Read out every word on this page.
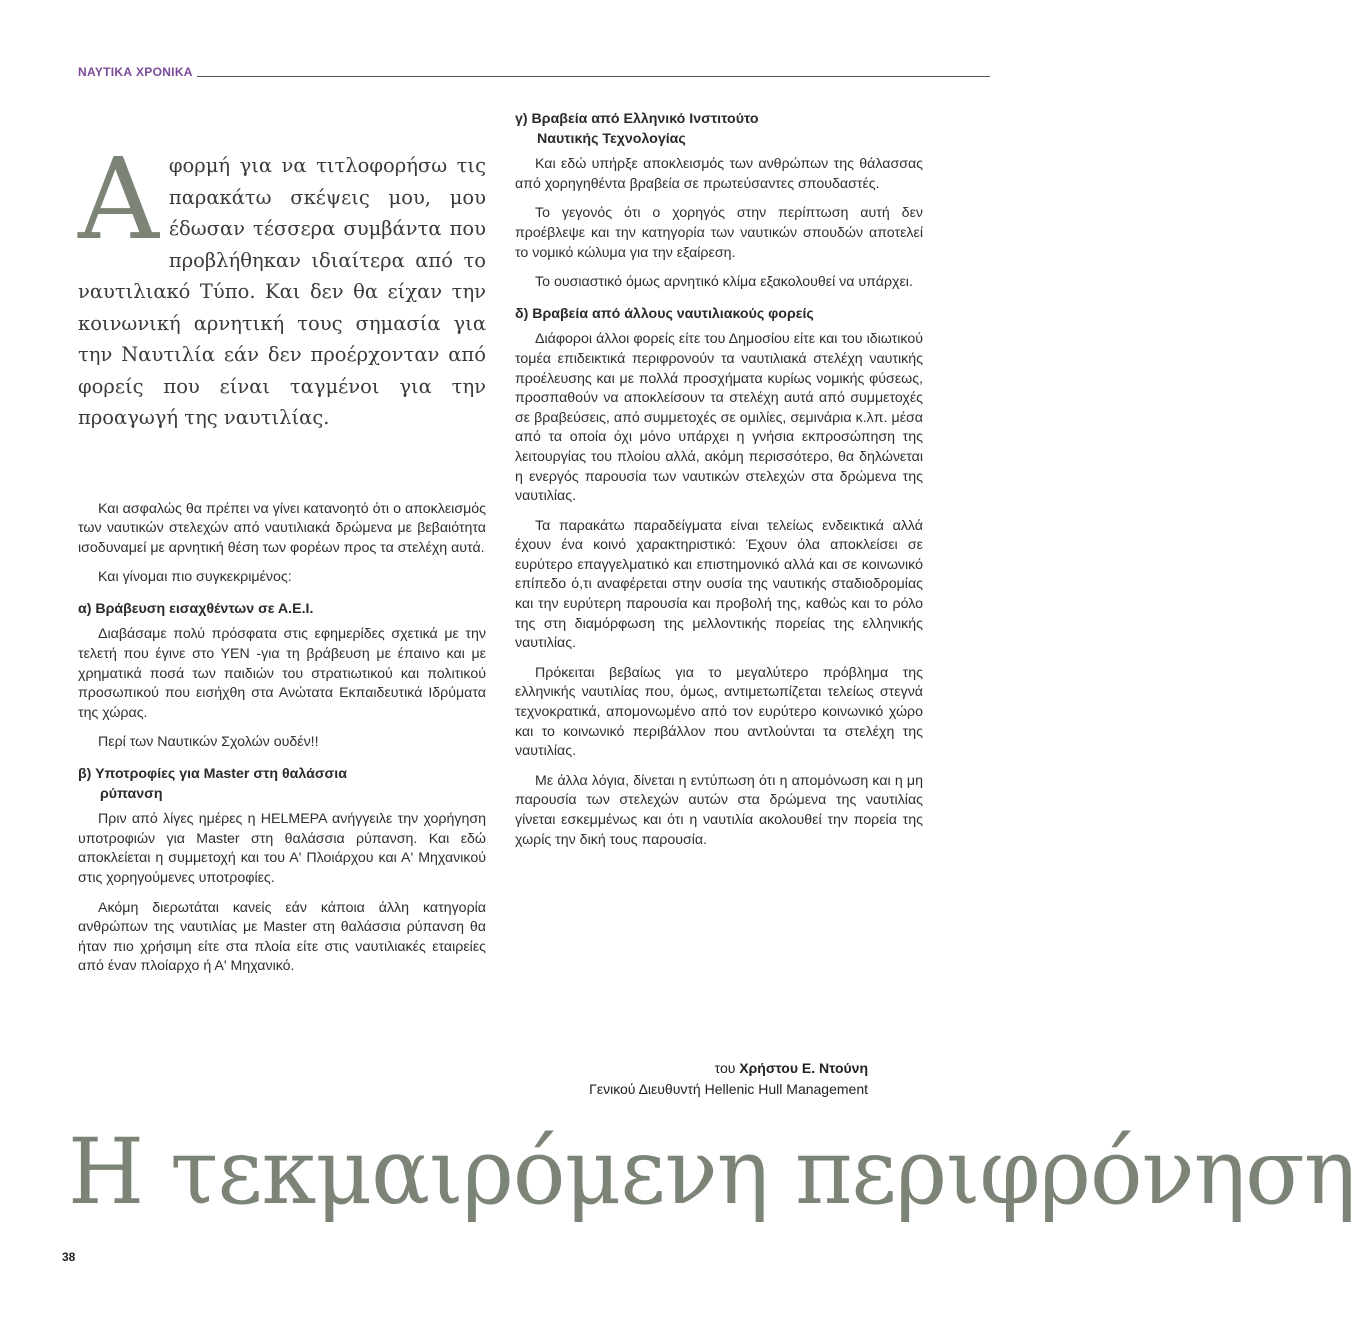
ΝΑΥΤΙΚΑ ΧΡΟΝΙΚΑ
Α φορμή για να τιτλοφορήσω τις παρακάτω σκέψεις μου, μου έδωσαν τέσσερα συμβάντα που προβλήθηκαν ιδιαίτερα από το ναυτιλιακό Τύπο. Και δεν θα είχαν την κοινωνική αρνητική τους σημασία για την Ναυτιλία εάν δεν προέρχονταν από φορείς που είναι ταγμένοι για την προαγωγή της ναυτιλίας.

Και ασφαλώς θα πρέπει να γίνει κατανοητό ότι ο αποκλεισμός των ναυτικών στελεχών από ναυτιλιακά δρώμενα με βεβαιότητα ισοδυναμεί με αρνητική θέση των φορέων προς τα στελέχη αυτά.

Και γίνομαι πιο συγκεκριμένος:

α) Βράβευση εισαχθέντων σε Α.Ε.Ι.

Διαβάσαμε πολύ πρόσφατα στις εφημερίδες σχετικά με την τελετή που έγινε στο ΥΕΝ -για τη βράβευση με έπαινο και με χρηματικά ποσά των παιδιών του στρατιωτικού και πολιτικού προσωπικού που εισήχθη στα Ανώτατα Εκπαιδευτικά Ιδρύματα της χώρας.

Περί των Ναυτικών Σχολών ουδέν!!

β) Υποτροφίες για Master στη θαλάσσια
ρύπανση

Πριν από λίγες ημέρες η HELMEPA ανήγγειλε την χορήγηση υποτροφιών για Master στη θαλάσσια ρύπανση. Και εδώ αποκλείεται η συμμετοχή και του Α' Πλοιάρχου και Α' Μηχανικού στις χορηγούμενες υποτροφίες.

Ακόμη διερωτάται κανείς εάν κάποια άλλη κατηγορία ανθρώπων της ναυτιλίας με Master στη θαλάσσια ρύπανση θα ήταν πιο χρήσιμη είτε στα πλοία είτε στις ναυτιλιακές εταιρείες από έναν πλοίαρχο ή Α' Μηχανικό.

γ) Βραβεία από Ελληνικό Ινστιτούτο
Ναυτικής Τεχνολογίας

Και εδώ υπήρξε αποκλεισμός των ανθρώπων της θάλασσας από χορηγηθέντα βραβεία σε πρωτεύσαντες σπουδαστές.

Το γεγονός ότι ο χορηγός στην περίπτωση αυτή δεν προέβλεψε και την κατηγορία των ναυτικών σπουδών αποτελεί το νομικό κώλυμα για την εξαίρεση.

Το ουσιαστικό όμως αρνητικό κλίμα εξακολουθεί να υπάρχει.

δ) Βραβεία από άλλους ναυτιλιακούς φορείς

Διάφοροι άλλοι φορείς είτε του Δημοσίου είτε και του ιδιωτικού τομέα επιδεικτικά περιφρονούν τα ναυτιλιακά στελέχη ναυτικής προέλευσης και με πολλά προσχήματα κυρίως νομικής φύσεως, προσπαθούν να αποκλείσουν τα στελέχη αυτά από συμμετοχές σε βραβεύσεις, από συμμετοχές σε ομιλίες, σεμινάρια κ.λπ. μέσα από τα οποία όχι μόνο υπάρχει η γνήσια εκπροσώπηση της λειτουργίας του πλοίου αλλά, ακόμη περισσότερο, θα δηλώνεται η ενεργός παρουσία των ναυτικών στελεχών στα δρώμενα της ναυτιλίας.

Τα παρακάτω παραδείγματα είναι τελείως ενδεικτικά αλλά έχουν ένα κοινό χαρακτηριστικό: Έχουν όλα αποκλείσει σε ευρύτερο επαγγελματικό και επιστημονικό αλλά και σε κοινωνικό επίπεδο ό,τι αναφέρεται στην ουσία της ναυτικής σταδιοδρομίας και την ευρύτερη παρουσία και προβολή της, καθώς και το ρόλο της στη διαμόρφωση της μελλοντικής πορείας της ελληνικής ναυτιλίας.

Πρόκειται βεβαίως για το μεγαλύτερο πρόβλημα της ελληνικής ναυτιλίας που, όμως, αντιμετωπίζεται τελείως στεγνά τεχνοκρατικά, απομονωμένο από τον ευρύτερο κοινωνικό χώρο και το κοινωνικό περιβάλλον που αντλούνται τα στελέχη της ναυτιλίας.

Με άλλα λόγια, δίνεται η εντύπωση ότι η απομόνωση και η μη παρουσία των στελεχών αυτών στα δρώμενα της ναυτιλίας γίνεται εσκεμμένως και ότι η ναυτιλία ακολουθεί την πορεία της χωρίς την δική τους παρουσία.

του Χρήστου Ε. Ντούνη
Γενικού Διευθυντή Hellenic Hull Management
Η τεκμαιρόμενη περιφρόνηση
38
